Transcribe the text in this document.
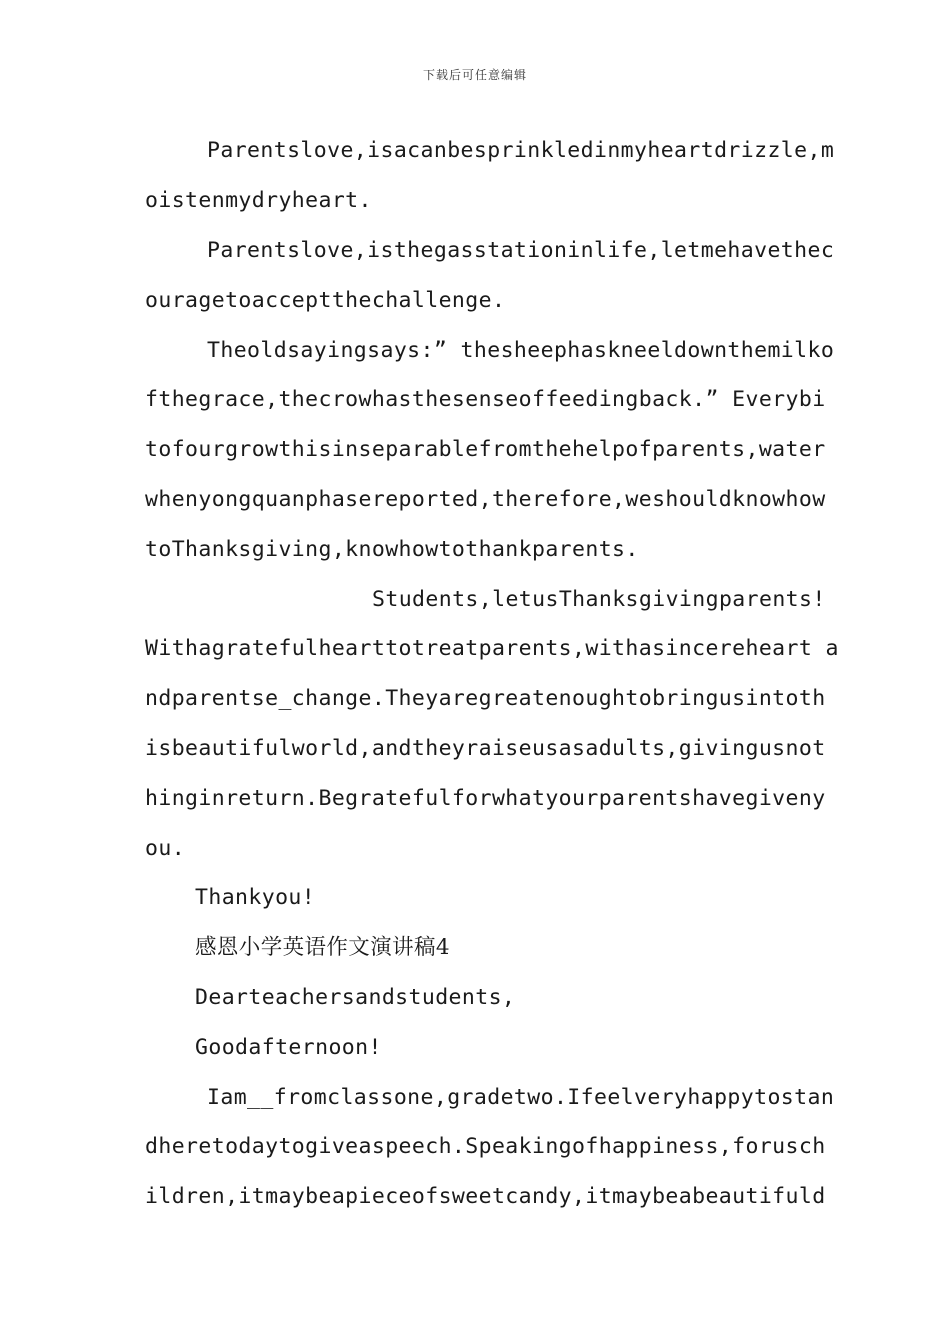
下载后可任意编辑
Parentslove,isacanbesprinkledinmyheartdrizzle,m
oistenmydryheart.
Parentslove,isthegasstationinlife,letmehavethec
ouragetoacceptthechallenge.
Theoldsayingsays:” thesheephaskneeldownthemilko
fthegrace,thecrowhasthesenseoffeedingback.” Everybi
tofourgrowthisinseparablefromthehelpofparents,water
whenyongquanphasereported,therefore,weshouldknowhow
toThanksgiving,knowhowtothankparents.
Students,letusThanksgivingparents!
Withagratefulhearttotreatparents,withasincereheart a
ndparentse_change.Theyaregreatenoughtobringusintoth
isbeautifulworld,andtheyraiseusasadults,givingusnot
hinginreturn.Begratefulforwhatyourparentshavegiveny
ou.
Thankyou!
感恩小学英语作文演讲稿4
Dearteachersandstudents,
Goodafternoon!
Iam__fromclassone,gradetwo.Ifeelveryhappytostan
dheretodaytogiveaspeech.Speakingofhappiness,forusch
ildren,itmaybeapieceofsweetcandy,itmaybeabeautifuld
